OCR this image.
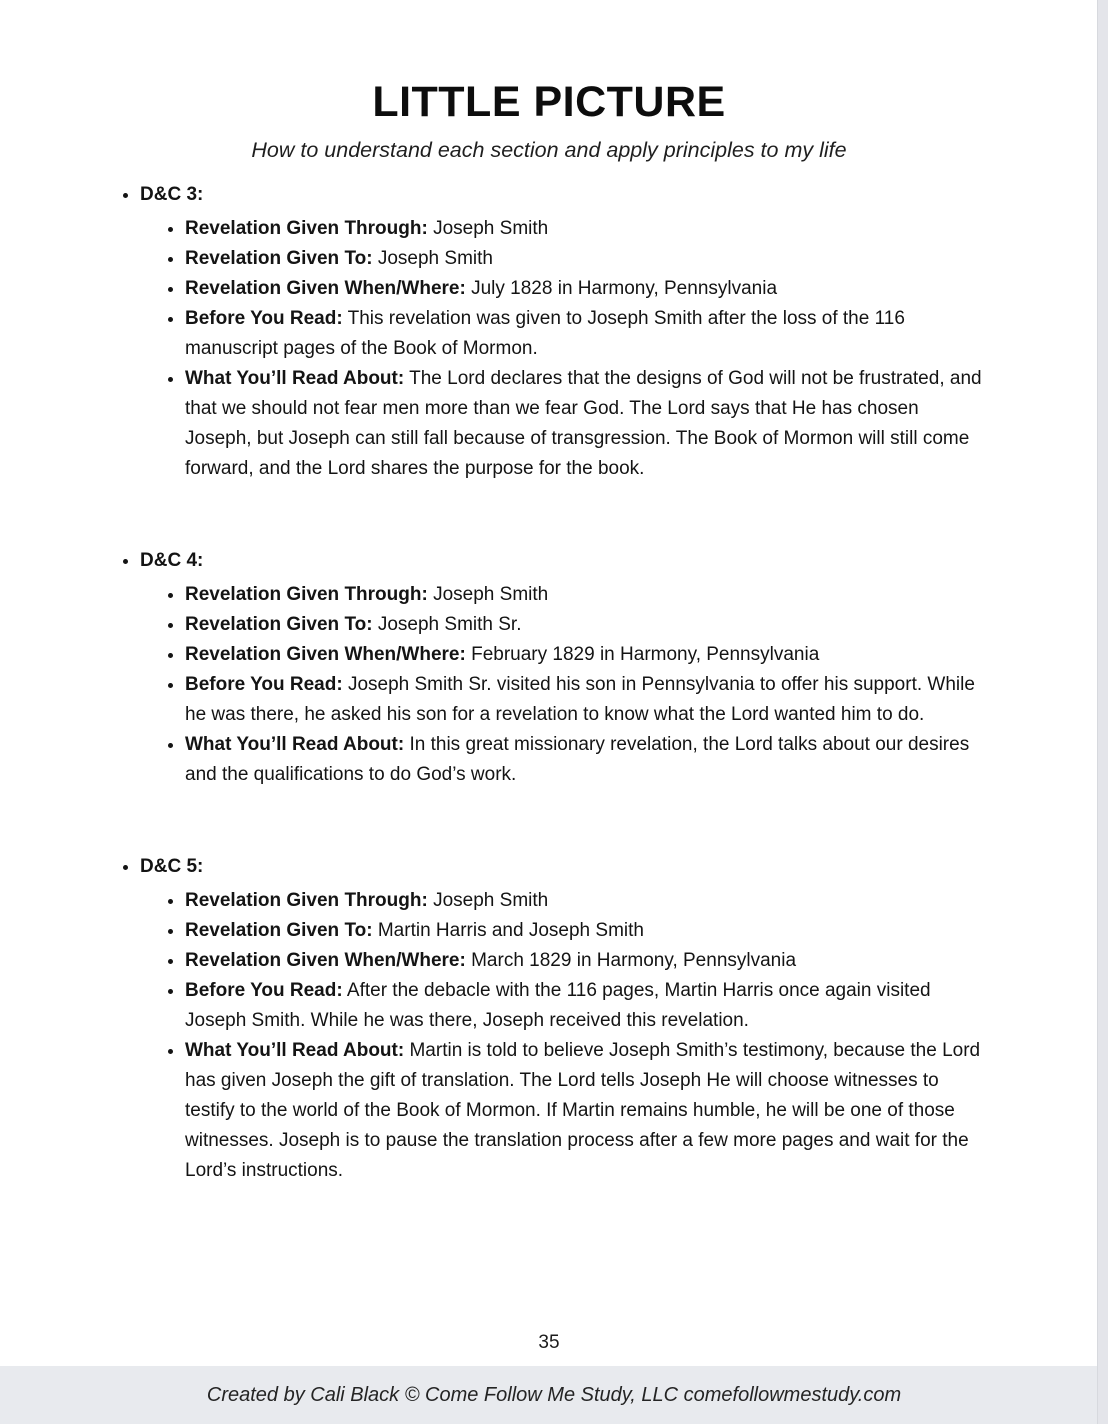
LITTLE PICTURE
How to understand each section and apply principles to my life
• D&C 3:
• Revelation Given Through: Joseph Smith
• Revelation Given To: Joseph Smith
• Revelation Given When/Where: July 1828 in Harmony, Pennsylvania
• Before You Read: This revelation was given to Joseph Smith after the loss of the 116 manuscript pages of the Book of Mormon.
• What You’ll Read About: The Lord declares that the designs of God will not be frustrated, and that we should not fear men more than we fear God. The Lord says that He has chosen Joseph, but Joseph can still fall because of transgression. The Book of Mormon will still come forward, and the Lord shares the purpose for the book.
• D&C 4:
• Revelation Given Through: Joseph Smith
• Revelation Given To: Joseph Smith Sr.
• Revelation Given When/Where: February 1829 in Harmony, Pennsylvania
• Before You Read: Joseph Smith Sr. visited his son in Pennsylvania to offer his support. While he was there, he asked his son for a revelation to know what the Lord wanted him to do.
• What You’ll Read About: In this great missionary revelation, the Lord talks about our desires and the qualifications to do God’s work.
• D&C 5:
• Revelation Given Through: Joseph Smith
• Revelation Given To: Martin Harris and Joseph Smith
• Revelation Given When/Where: March 1829 in Harmony, Pennsylvania
• Before You Read: After the debacle with the 116 pages, Martin Harris once again visited Joseph Smith. While he was there, Joseph received this revelation.
• What You’ll Read About: Martin is told to believe Joseph Smith’s testimony, because the Lord has given Joseph the gift of translation. The Lord tells Joseph He will choose witnesses to testify to the world of the Book of Mormon. If Martin remains humble, he will be one of those witnesses. Joseph is to pause the translation process after a few more pages and wait for the Lord’s instructions.
35
Created by Cali Black © Come Follow Me Study, LLC comefollowmestudy.com
